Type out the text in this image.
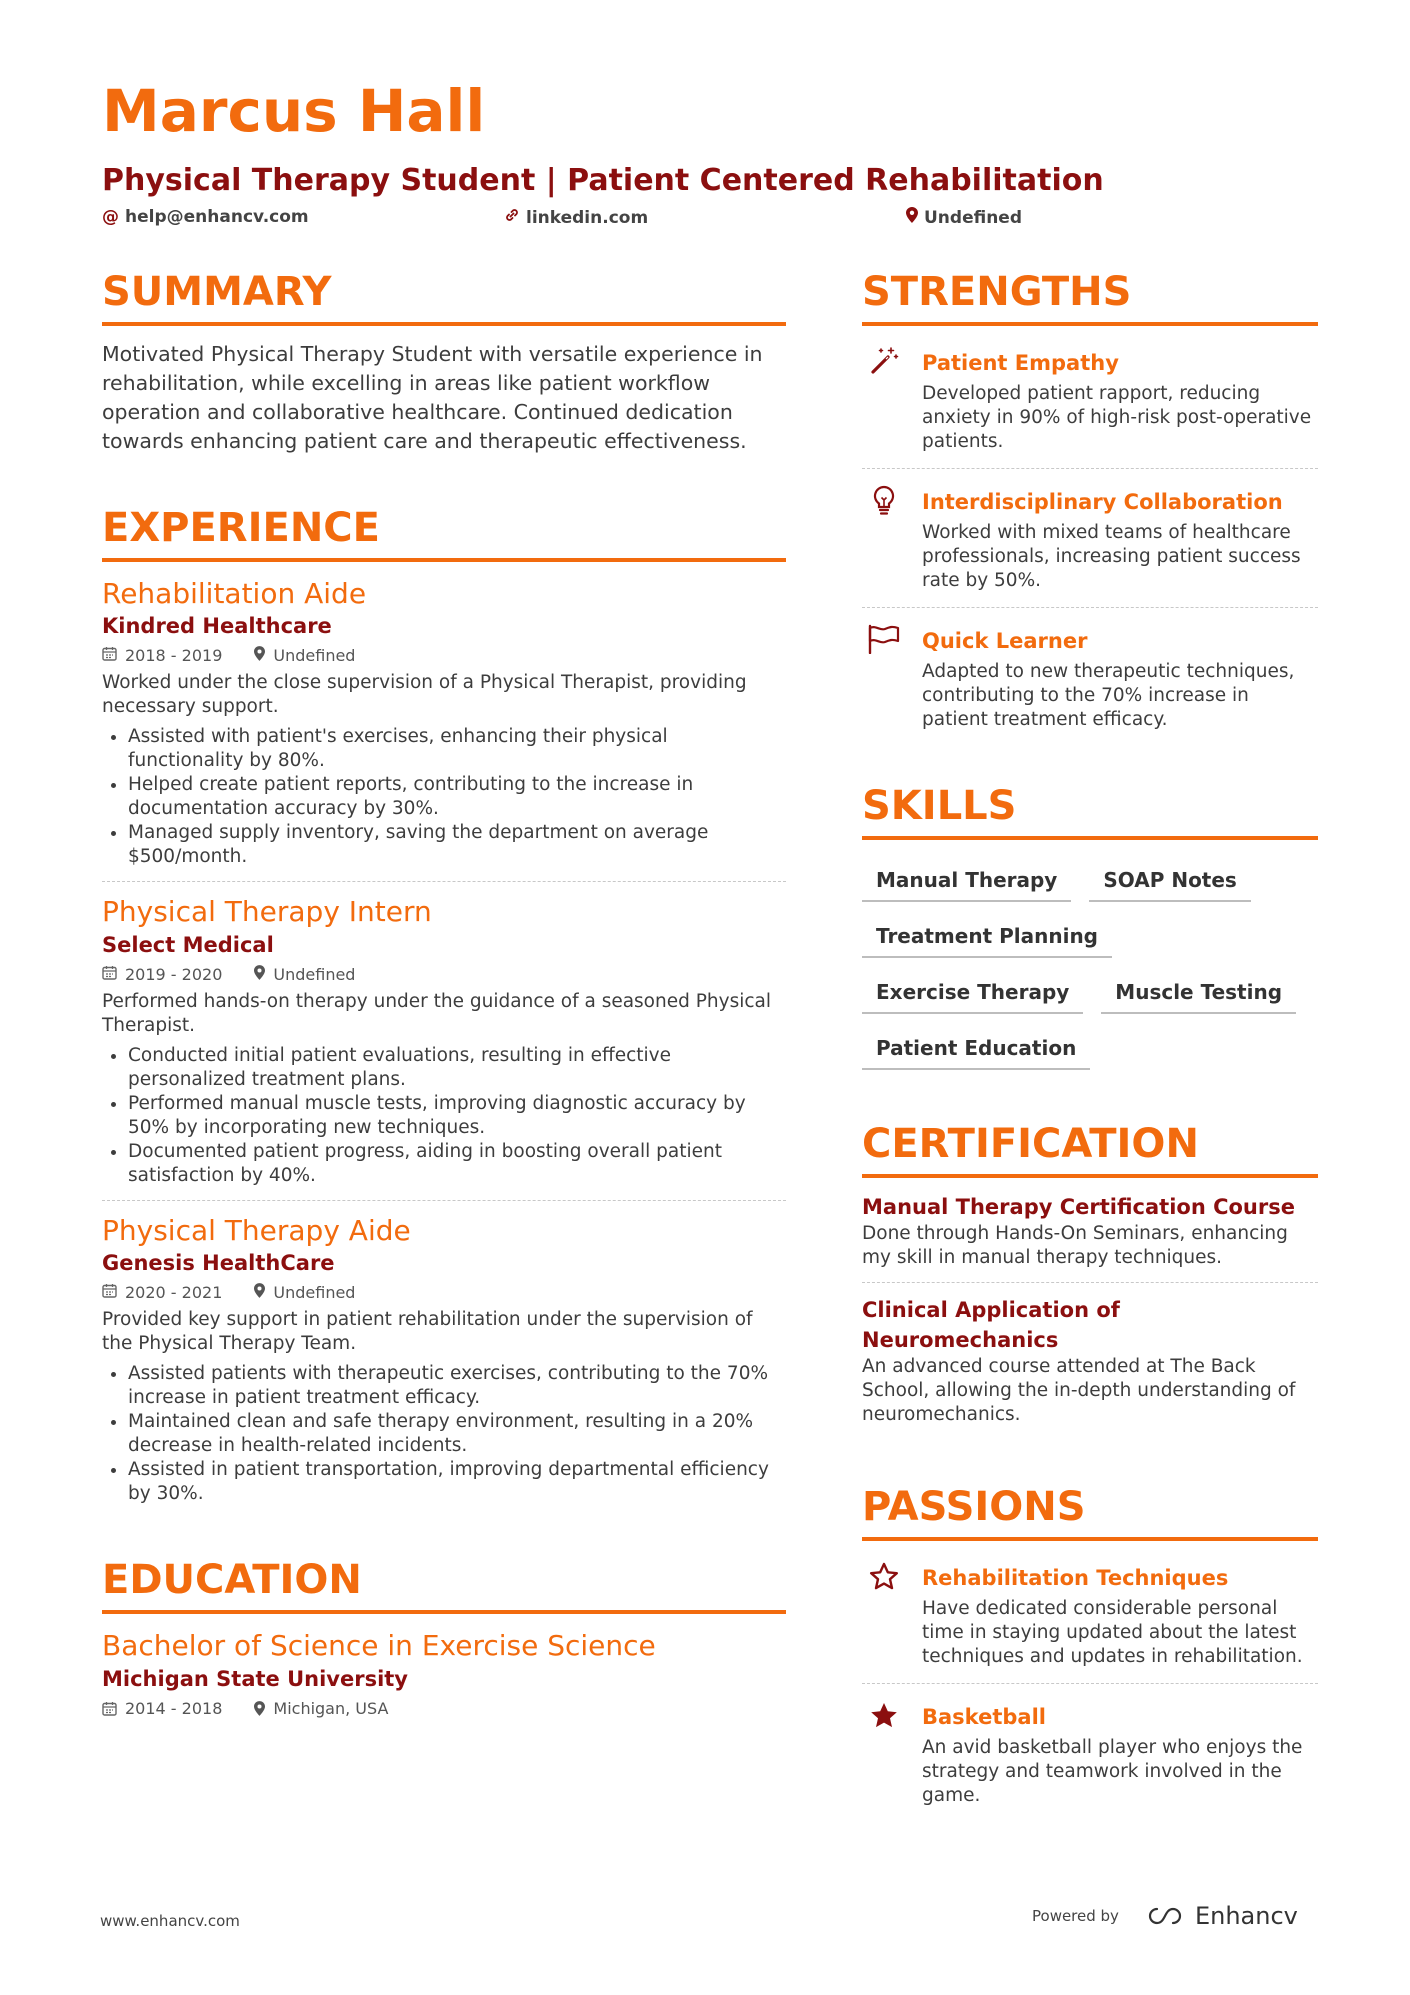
Marcus Hall
Physical Therapy Student | Patient Centered Rehabilitation
@ help@enhancv.com	linkedin.com	Undefined
SUMMARY
Motivated Physical Therapy Student with versatile experience in rehabilitation, while excelling in areas like patient workflow operation and collaborative healthcare. Continued dedication towards enhancing patient care and therapeutic effectiveness.
EXPERIENCE
Rehabilitation Aide
Kindred Healthcare
2018 - 2019	Undefined
Worked under the close supervision of a Physical Therapist, providing necessary support.
• Assisted with patient's exercises, enhancing their physical functionality by 80%.
• Helped create patient reports, contributing to the increase in documentation accuracy by 30%.
• Managed supply inventory, saving the department on average $500/month.
Physical Therapy Intern
Select Medical
2019 - 2020	Undefined
Performed hands-on therapy under the guidance of a seasoned Physical Therapist.
• Conducted initial patient evaluations, resulting in effective personalized treatment plans.
• Performed manual muscle tests, improving diagnostic accuracy by 50% by incorporating new techniques.
• Documented patient progress, aiding in boosting overall patient satisfaction by 40%.
Physical Therapy Aide
Genesis HealthCare
2020 - 2021	Undefined
Provided key support in patient rehabilitation under the supervision of the Physical Therapy Team.
• Assisted patients with therapeutic exercises, contributing to the 70% increase in patient treatment efficacy.
• Maintained clean and safe therapy environment, resulting in a 20% decrease in health-related incidents.
• Assisted in patient transportation, improving departmental efficiency by 30%.
EDUCATION
Bachelor of Science in Exercise Science
Michigan State University
2014 - 2018	Michigan, USA
STRENGTHS
Patient Empathy
Developed patient rapport, reducing anxiety in 90% of high-risk post-operative patients.
Interdisciplinary Collaboration
Worked with mixed teams of healthcare professionals, increasing patient success rate by 50%.
Quick Learner
Adapted to new therapeutic techniques, contributing to the 70% increase in patient treatment efficacy.
SKILLS
Manual Therapy	SOAP Notes
Treatment Planning
Exercise Therapy	Muscle Testing
Patient Education
CERTIFICATION
Manual Therapy Certification Course
Done through Hands-On Seminars, enhancing my skill in manual therapy techniques.
Clinical Application of Neuromechanics
An advanced course attended at The Back School, allowing the in-depth understanding of neuromechanics.
PASSIONS
Rehabilitation Techniques
Have dedicated considerable personal time in staying updated about the latest techniques and updates in rehabilitation.
Basketball
An avid basketball player who enjoys the strategy and teamwork involved in the game.
www.enhancv.com	Powered by	Enhancv
